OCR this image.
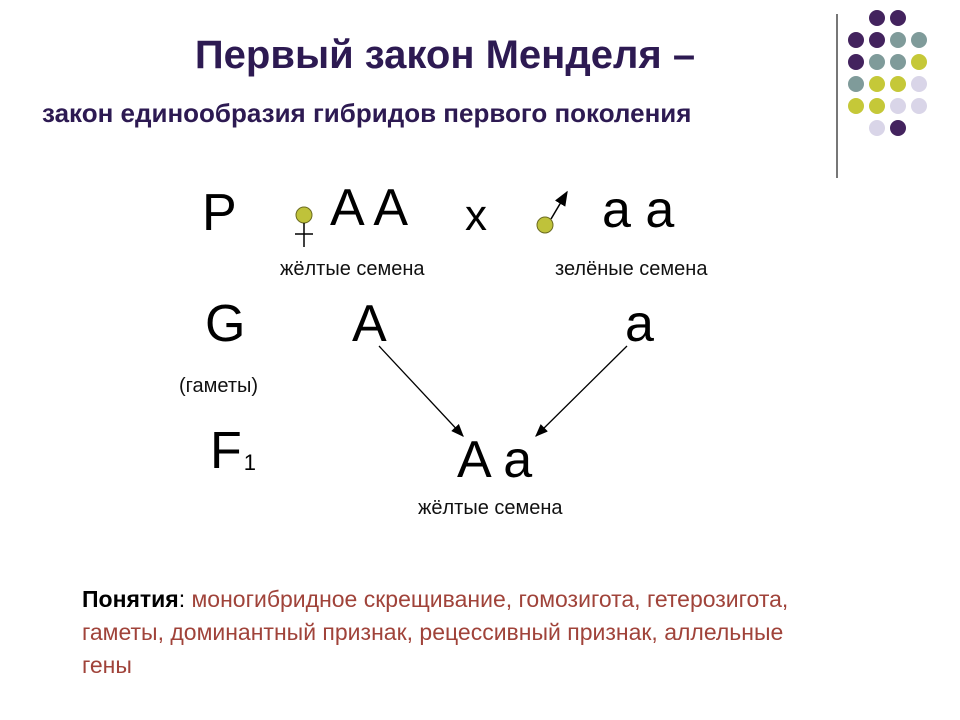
Первый закон Менделя –
закон единообразия гибридов первого поколения
P A A x a a
жёлтые семена	зелёные семена
G A	a
(гаметы)
F1	A a
жёлтые семена
Понятия: моногибридное скрещивание, гомозигота, гетерозигота, гаметы, доминантный признак, рецессивный признак, аллельные гены
